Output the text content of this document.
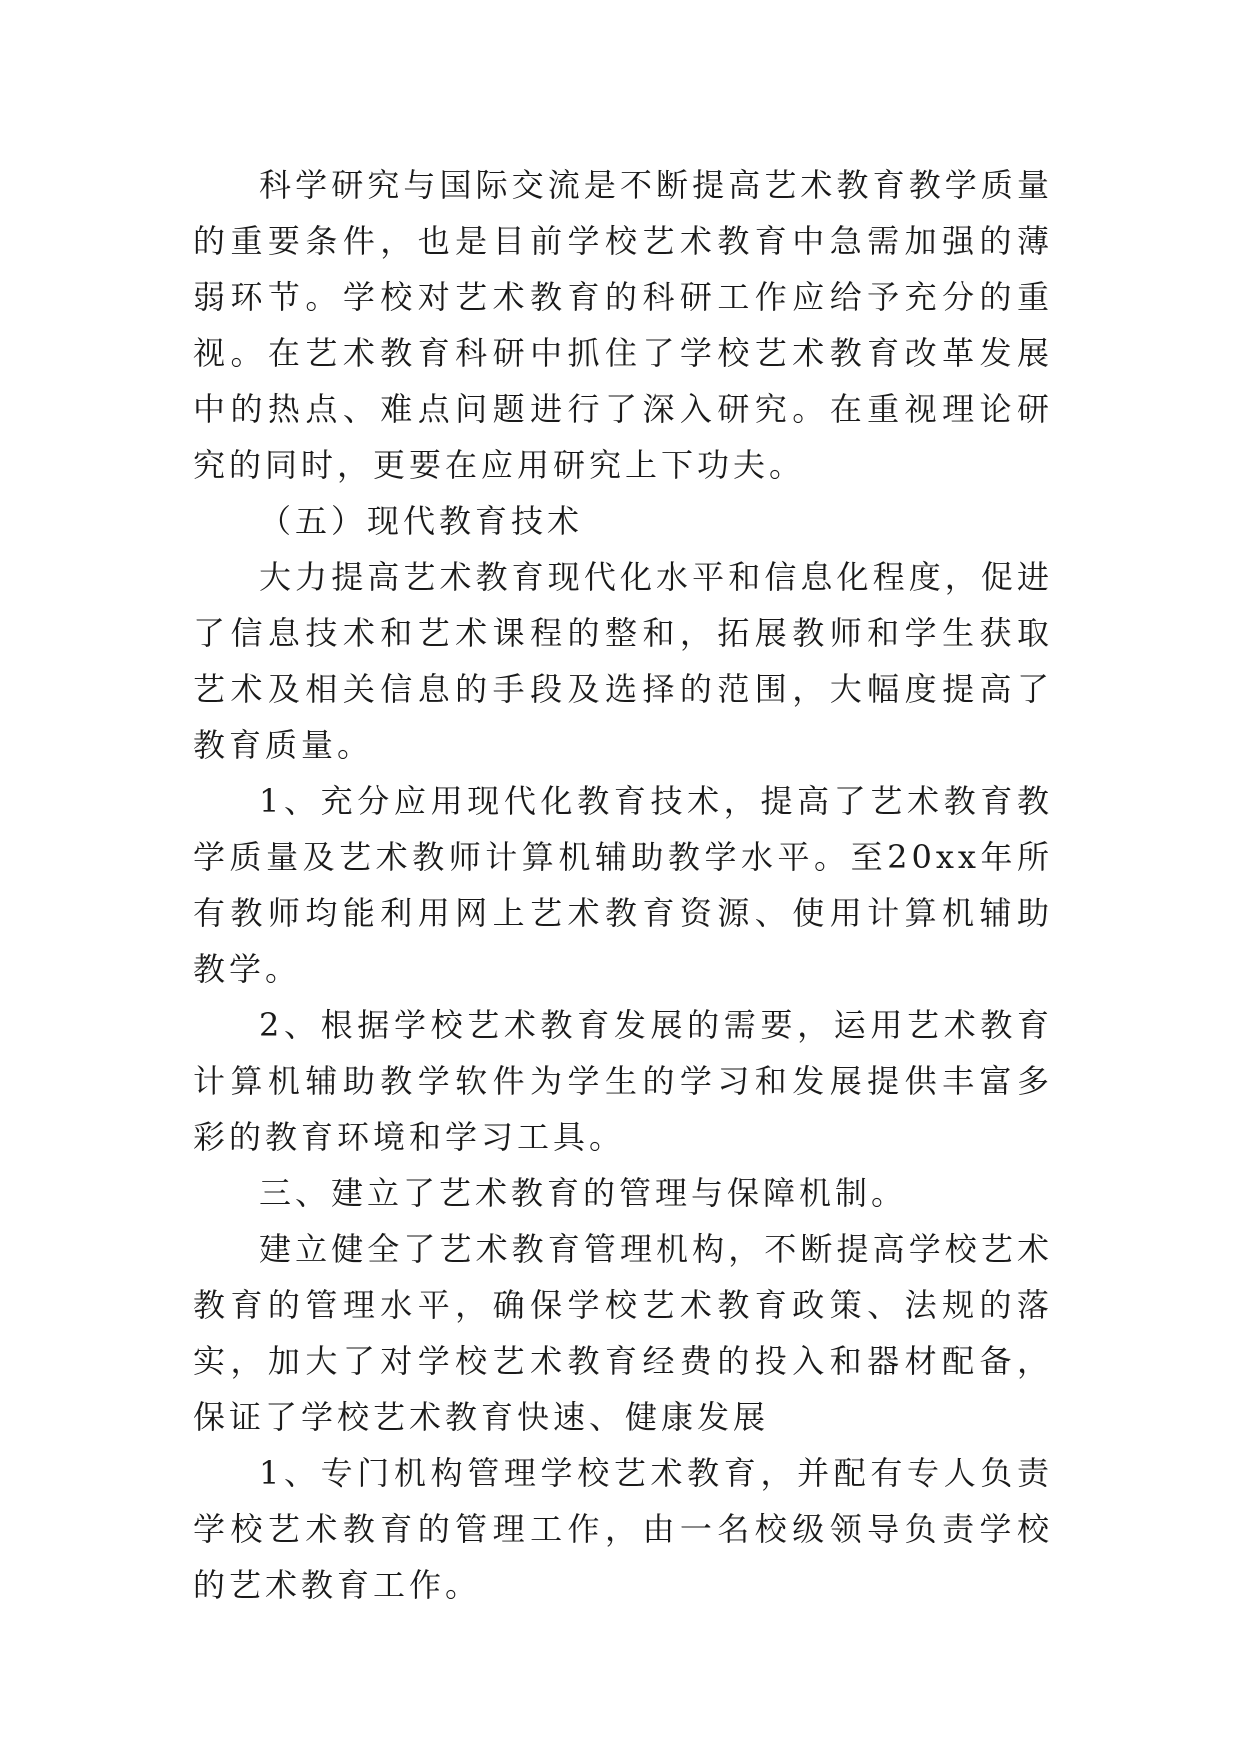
科学研究与国际交流是不断提高艺术教育教学质量的重要条件，也是目前学校艺术教育中急需加强的薄弱环节。学校对艺术教育的科研工作应给予充分的重视。在艺术教育科研中抓住了学校艺术教育改革发展中的热点、难点问题进行了深入研究。在重视理论研究的同时，更要在应用研究上下功夫。

（五）现代教育技术

大力提高艺术教育现代化水平和信息化程度，促进了信息技术和艺术课程的整和，拓展教师和学生获取艺术及相关信息的手段及选择的范围，大幅度提高了教育质量。

1、充分应用现代化教育技术，提高了艺术教育教学质量及艺术教师计算机辅助教学水平。至20xx年所有教师均能利用网上艺术教育资源、使用计算机辅助教学。

2、根据学校艺术教育发展的需要，运用艺术教育计算机辅助教学软件为学生的学习和发展提供丰富多彩的教育环境和学习工具。

三、建立了艺术教育的管理与保障机制。

建立健全了艺术教育管理机构，不断提高学校艺术教育的管理水平，确保学校艺术教育政策、法规的落实，加大了对学校艺术教育经费的投入和器材配备，保证了学校艺术教育快速、健康发展

1、专门机构管理学校艺术教育，并配有专人负责学校艺术教育的管理工作，由一名校级领导负责学校的艺术教育工作。
